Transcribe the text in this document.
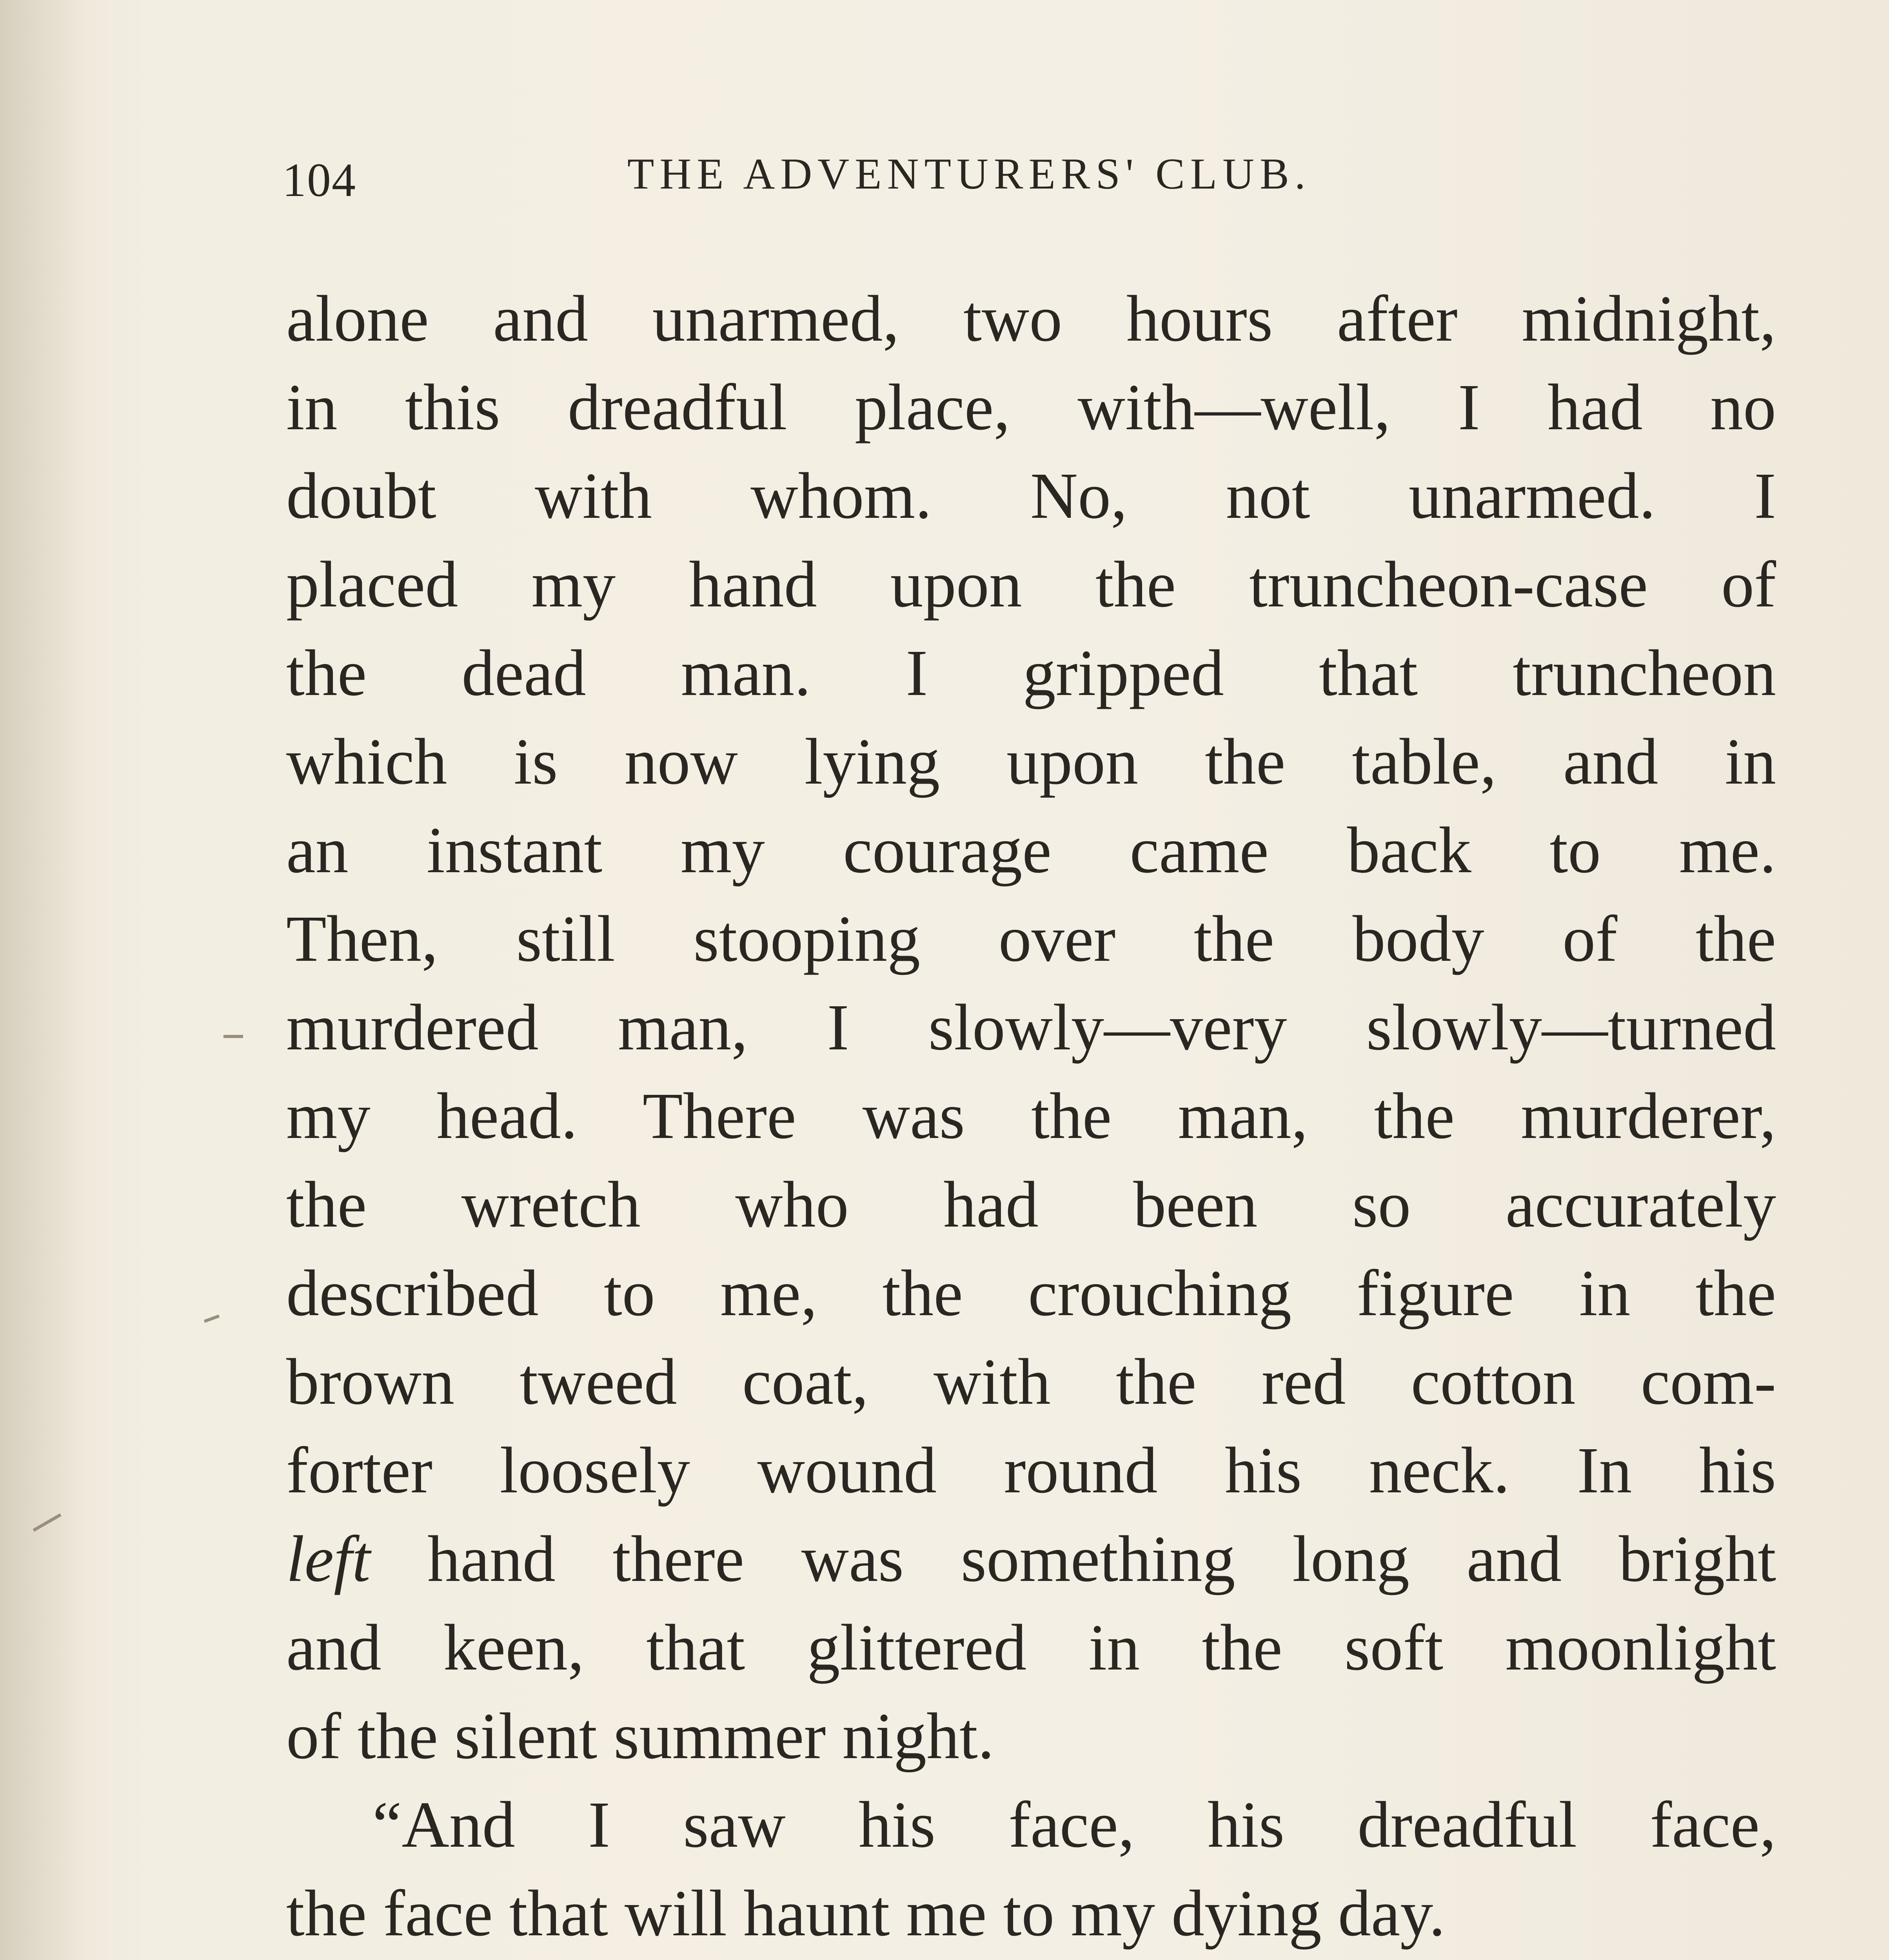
104	THE ADVENTURERS' CLUB.
alone and unarmed, two hours after midnight,
in this dreadful place, with—well, I had no
doubt with whom. No, not unarmed. I
placed my hand upon the truncheon-case of
the dead man. I gripped that truncheon
which is now lying upon the table, and in
an instant my courage came back to me.
Then, still stooping over the body of the
murdered man, I slowly—very slowly—turned
my head. There was the man, the murderer,
the wretch who had been so accurately
described to me, the crouching figure in the
brown tweed coat, with the red cotton com-
forter loosely wound round his neck. In his
left hand there was something long and bright
and keen, that glittered in the soft moonlight
of the silent summer night.
“And I saw his face, his dreadful face,
the face that will haunt me to my dying day.
